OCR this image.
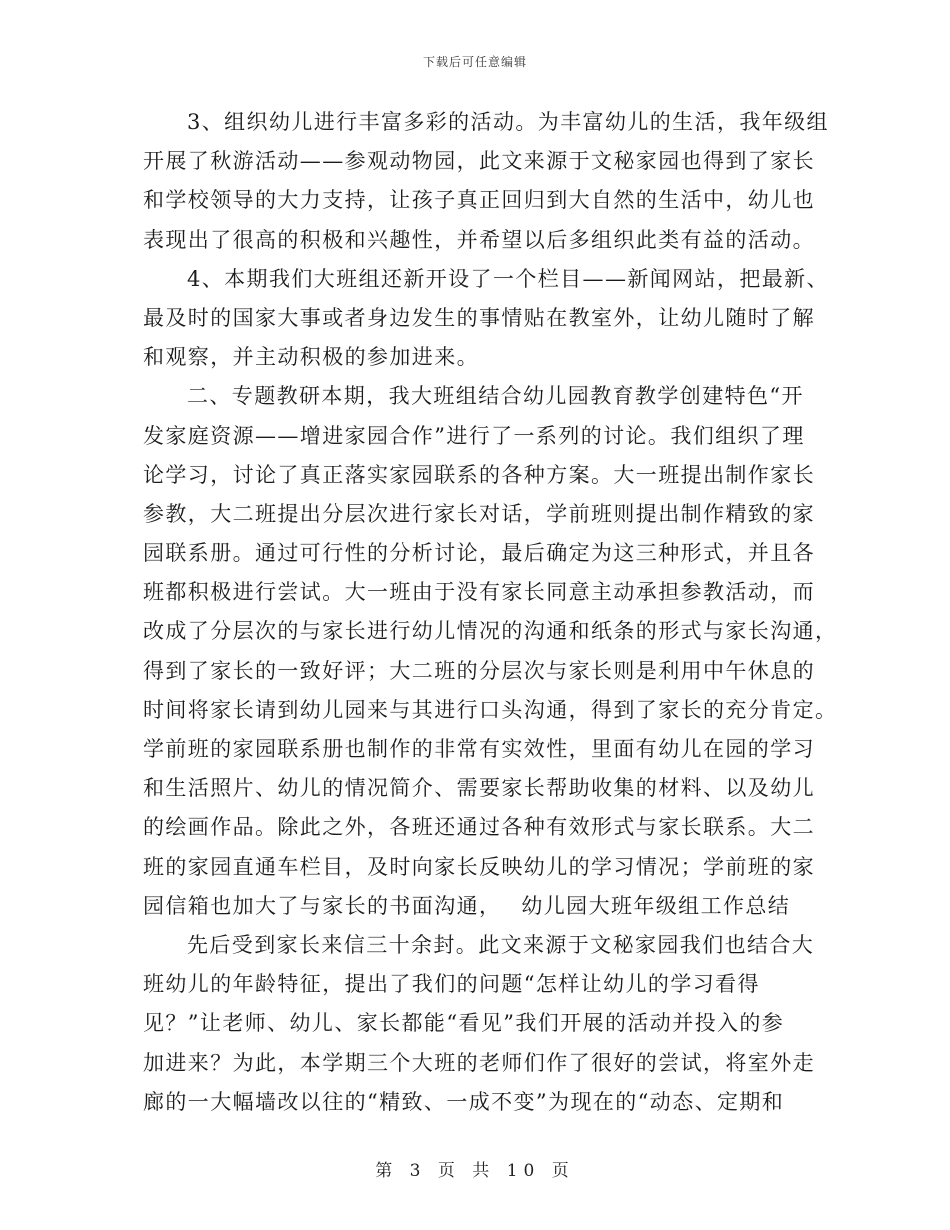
下载后可任意编辑
3、组织幼儿进行丰富多彩的活动。为丰富幼儿的生活，我年级组
开展了秋游活动——参观动物园，此文来源于文秘家园也得到了家长
和学校领导的大力支持，让孩子真正回归到大自然的生活中，幼儿也
表现出了很高的积极和兴趣性，并希望以后多组织此类有益的活动。
4、本期我们大班组还新开设了一个栏目——新闻网站，把最新、
最及时的国家大事或者身边发生的事情贴在教室外，让幼儿随时了解
和观察，并主动积极的参加进来。
二、专题教研本期，我大班组结合幼儿园教育教学创建特色“开
发家庭资源——增进家园合作”进行了一系列的讨论。我们组织了理
论学习，讨论了真正落实家园联系的各种方案。大一班提出制作家长
参教，大二班提出分层次进行家长对话，学前班则提出制作精致的家
园联系册。通过可行性的分析讨论，最后确定为这三种形式，并且各
班都积极进行尝试。大一班由于没有家长同意主动承担参教活动，而
改成了分层次的与家长进行幼儿情况的沟通和纸条的形式与家长沟通，
得到了家长的一致好评；大二班的分层次与家长则是利用中午休息的
时间将家长请到幼儿园来与其进行口头沟通，得到了家长的充分肯定。
学前班的家园联系册也制作的非常有实效性，里面有幼儿在园的学习
和生活照片、幼儿的情况简介、需要家长帮助收集的材料、以及幼儿
的绘画作品。除此之外，各班还通过各种有效形式与家长联系。大二
班的家园直通车栏目，及时向家长反映幼儿的学习情况；学前班的家
园信箱也加大了与家长的书面沟通，　 幼儿园大班年级组工作总结
先后受到家长来信三十余封。此文来源于文秘家园我们也结合大
班幼儿的年龄特征，提出了我们的问题“怎样让幼儿的学习看得
见？”让老师、幼儿、家长都能“看见”我们开展的活动并投入的参
加进来？为此，本学期三个大班的老师们作了很好的尝试，将室外走
廊的一大幅墙改以往的“精致、一成不变”为现在的“动态、定期和
第 3 页 共 10 页
